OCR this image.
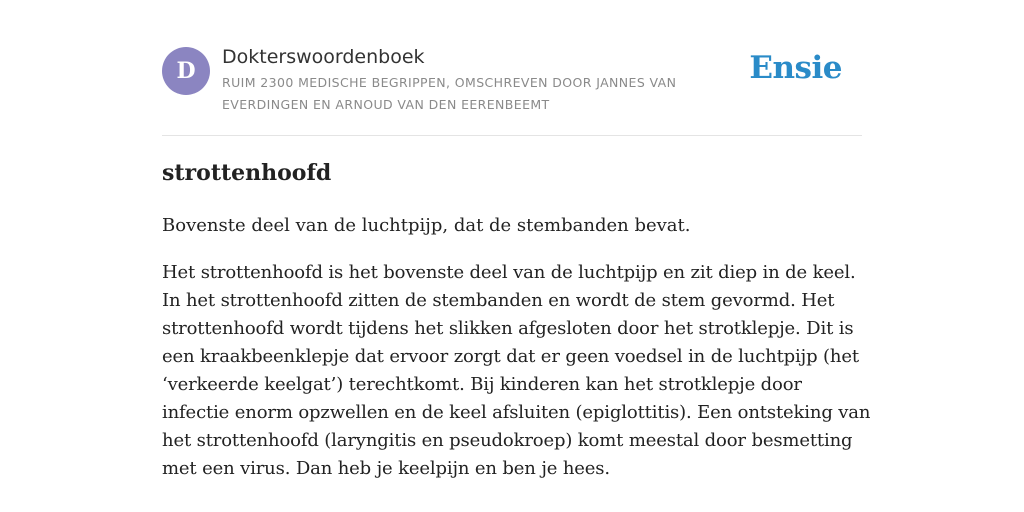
D
Dokterswoordenboek
RUIM 2300 MEDISCHE BEGRIPPEN, OMSCHREVEN DOOR JANNES VAN EVERDINGEN EN ARNOUD VAN DEN EERENBEEMT
Ensie
strottenhoofd

Bovenste deel van de luchtpijp, dat de stembanden bevat.

Het strottenhoofd is het bovenste deel van de luchtpijp en zit diep in de keel. In het strottenhoofd zitten de stembanden en wordt de stem gevormd. Het strottenhoofd wordt tijdens het slikken afgesloten door het strotklepje. Dit is een kraakbeenklepje dat ervoor zorgt dat er geen voedsel in de luchtpijp (het ‘verkeerde keelgat’) terechtkomt. Bij kinderen kan het strotklepje door infectie enorm opzwellen en de keel afsluiten (epiglottitis). Een ontsteking van het strottenhoofd (laryngitis en pseudokroep) komt meestal door besmetting met een virus. Dan heb je keelpijn en ben je hees.
